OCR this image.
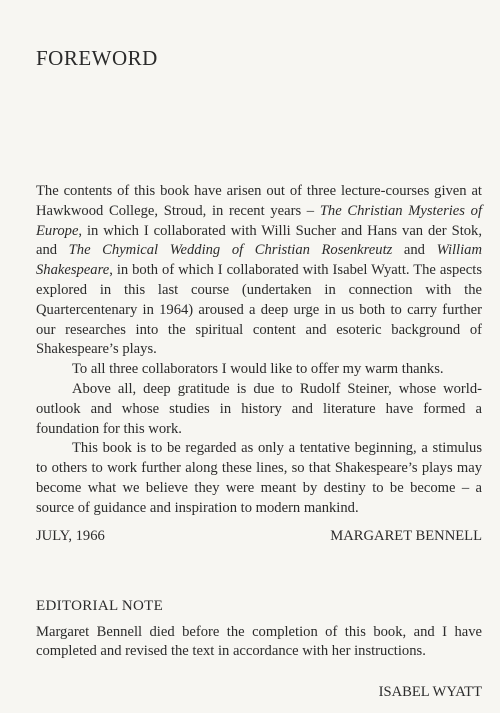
FOREWORD

The contents of this book have arisen out of three lecture-courses given at Hawkwood College, Stroud, in recent years – The Christian Mysteries of Europe, in which I collaborated with Willi Sucher and Hans van der Stok, and The Chymical Wedding of Christian Rosenkreutz and William Shakespeare, in both of which I collaborated with Isabel Wyatt. The aspects explored in this last course (undertaken in connection with the Quartercentenary in 1964) aroused a deep urge in us both to carry further our researches into the spiritual content and esoteric background of Shakespeare’s plays.

To all three collaborators I would like to offer my warm thanks.

Above all, deep gratitude is due to Rudolf Steiner, whose world-outlook and whose studies in history and literature have formed a foundation for this work.

This book is to be regarded as only a tentative beginning, a stimulus to others to work further along these lines, so that Shakespeare’s plays may become what we believe they were meant by destiny to be become – a source of guidance and inspiration to modern mankind.

JULY, 1966	MARGARET BENNELL
EDITORIAL NOTE

Margaret Bennell died before the completion of this book, and I have completed and revised the text in accordance with her instructions.

ISABEL WYATT
